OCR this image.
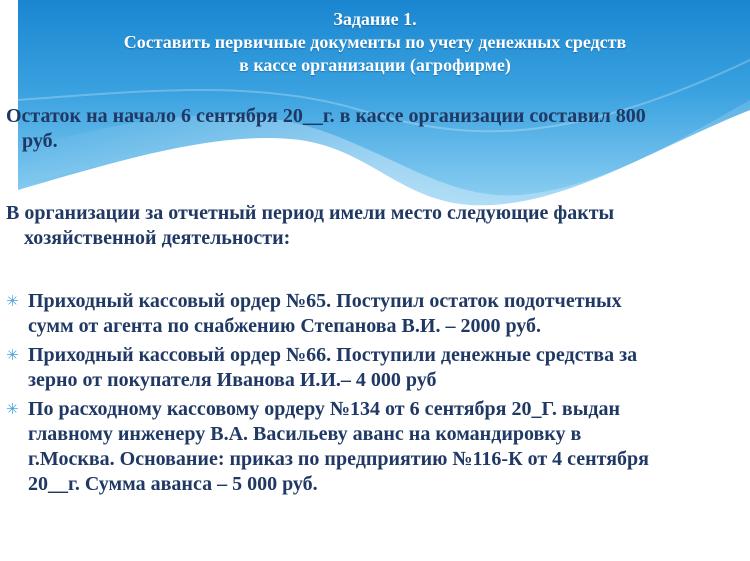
Задание 1.
Составить первичные документы по учету денежных средств
в кассе организации (агрофирме)
Остаток на начало 6 сентября 20__г. в кассе организации составил 800
руб.
В организации за отчетный период имели место следующие факты
хозяйственной деятельности:
✳ Приходный кассовый ордер №65. Поступил остаток подотчетных
сумм от агента по снабжению Степанова В.И. – 2000 руб.
✳ Приходный кассовый ордер №66. Поступили денежные средства за
зерно от покупателя Иванова И.И.– 4 000 руб
✳ По расходному кассовому ордеру №134 от 6 сентября 20_Г. выдан
главному инженеру В.А. Васильеву аванс на командировку в
г.Москва. Основание: приказ по предприятию №116-К от 4 сентября
20__г. Сумма аванса – 5 000 руб.
